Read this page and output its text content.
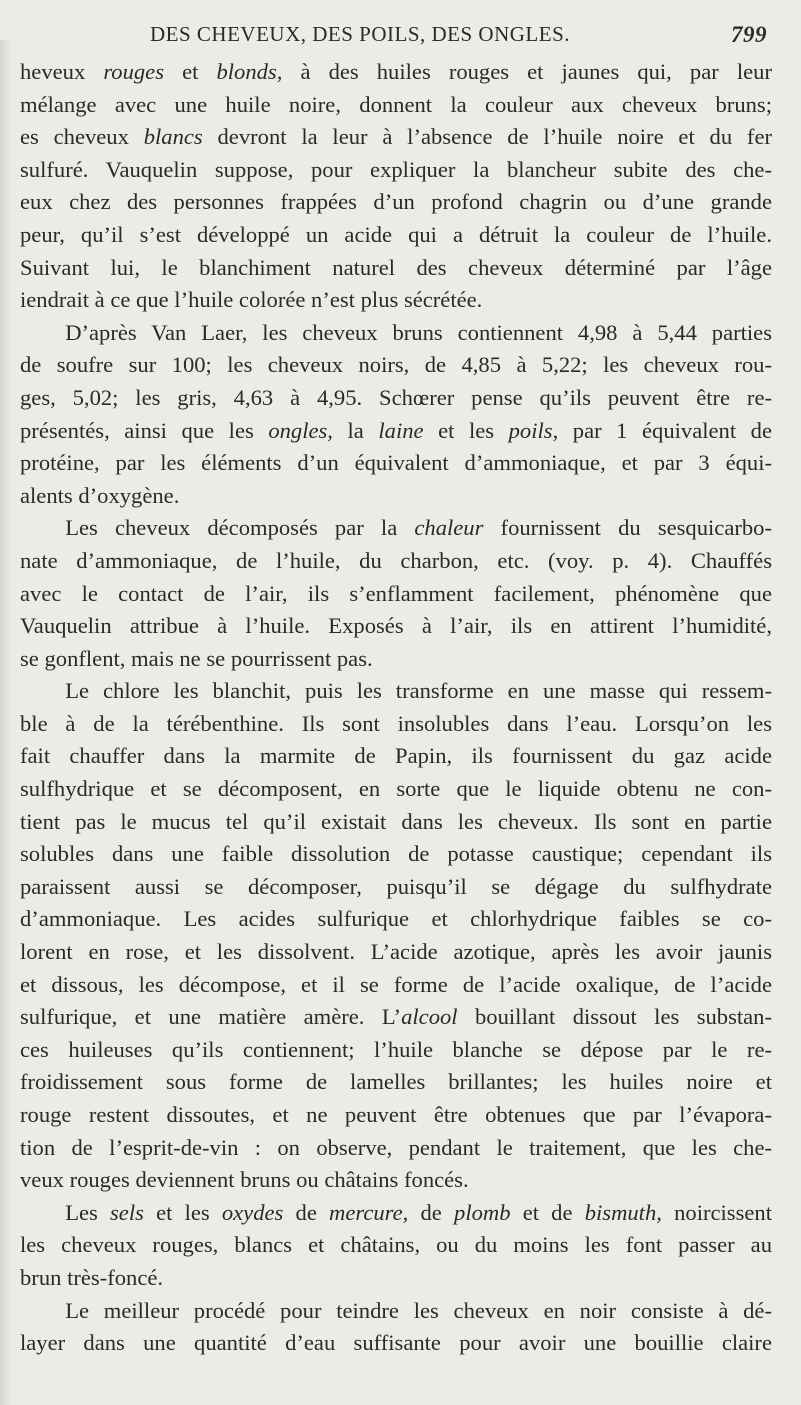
DES CHEVEUX, DES POILS, DES ONGLES.	799
heveux rouges et blonds, à des huiles rouges et jaunes qui, par leur
mélange avec une huile noire, donnent la couleur aux cheveux bruns;
es cheveux blancs devront la leur à l’absence de l’huile noire et du fer
sulfuré. Vauquelin suppose, pour expliquer la blancheur subite des che-
eux chez des personnes frappées d’un profond chagrin ou d’une grande
peur, qu’il s’est développé un acide qui a détruit la couleur de l’huile.
Suivant lui, le blanchiment naturel des cheveux déterminé par l’âge
iendrait à ce que l’huile colorée n’est plus sécrétée.
  D’après Van Laer, les cheveux bruns contiennent 4,98 à 5,44 parties
de soufre sur 100; les cheveux noirs, de 4,85 à 5,22; les cheveux rou-
ges, 5,02; les gris, 4,63 à 4,95. Schœrer pense qu’ils peuvent être re-
présentés, ainsi que les ongles, la laine et les poils, par 1 équivalent de
protéine, par les éléments d’un équivalent d’ammoniaque, et par 3 équi-
alents d’oxygène.
  Les cheveux décomposés par la chaleur fournissent du sesquicarbo-
nate d’ammoniaque, de l’huile, du charbon, etc. (voy. p. 4). Chauffés
avec le contact de l’air, ils s’enflamment facilement, phénomène que
Vauquelin attribue à l’huile. Exposés à l’air, ils en attirent l’humidité,
se gonflent, mais ne se pourrissent pas.
  Le chlore les blanchit, puis les transforme en une masse qui ressem-
ble à de la térébenthine. Ils sont insolubles dans l’eau. Lorsqu’on les
fait chauffer dans la marmite de Papin, ils fournissent du gaz acide
sulfhydrique et se décomposent, en sorte que le liquide obtenu ne con-
tient pas le mucus tel qu’il existait dans les cheveux. Ils sont en partie
solubles dans une faible dissolution de potasse caustique; cependant ils
paraissent aussi se décomposer, puisqu’il se dégage du sulfhydrate
d’ammoniaque. Les acides sulfurique et chlorhydrique faibles se co-
lorent en rose, et les dissolvent. L’acide azotique, après les avoir jaunis
et dissous, les décompose, et il se forme de l’acide oxalique, de l’acide
sulfurique, et une matière amère. L’alcool bouillant dissout les substan-
ces huileuses qu’ils contiennent; l’huile blanche se dépose par le re-
froidissement sous forme de lamelles brillantes; les huiles noire et
rouge restent dissoutes, et ne peuvent être obtenues que par l’évapora-
tion de l’esprit-de-vin : on observe, pendant le traitement, que les che-
veux rouges deviennent bruns ou châtains foncés.
  Les sels et les oxydes de mercure, de plomb et de bismuth, noircissent
les cheveux rouges, blancs et châtains, ou du moins les font passer au
brun très-foncé.
  Le meilleur procédé pour teindre les cheveux en noir consiste à dé-
layer dans une quantité d’eau suffisante pour avoir une bouillie claire
